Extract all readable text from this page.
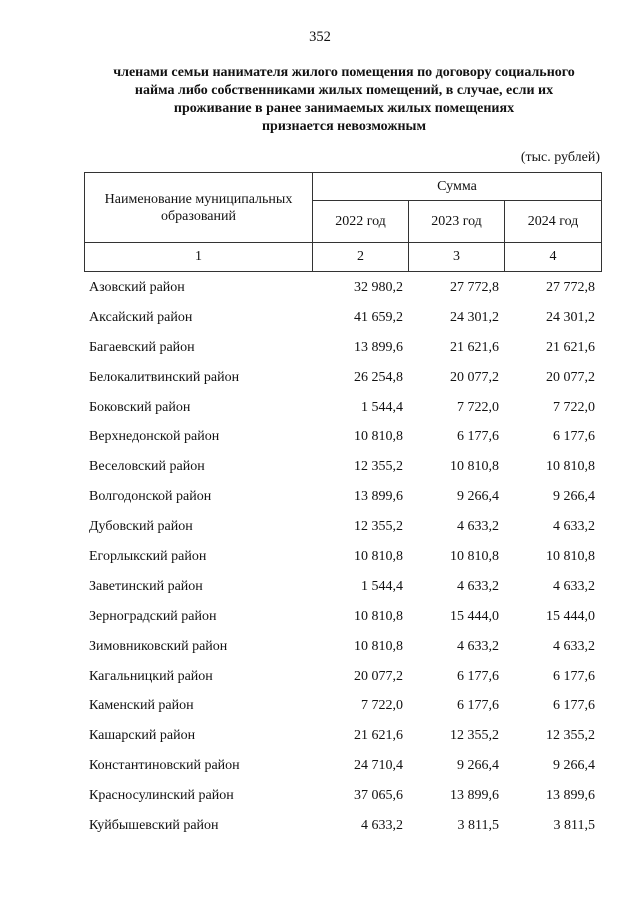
352
членами семьи нанимателя жилого помещения по договору социального
найма либо собственниками жилых помещений, в случае, если их
проживание в ранее занимаемых жилых помещениях
признается невозможным
(тыс. рублей)
Наименование муниципальных образований	Сумма		
	2022 год	2023 год	2024 год
1	2	3	4
Азовский район	32 980,2	27 772,8	27 772,8
Аксайский район	41 659,2	24 301,2	24 301,2
Багаевский район	13 899,6	21 621,6	21 621,6
Белокалитвинский район	26 254,8	20 077,2	20 077,2
Боковский район	1 544,4	7 722,0	7 722,0
Верхнедонской район	10 810,8	6 177,6	6 177,6
Веселовский район	12 355,2	10 810,8	10 810,8
Волгодонской район	13 899,6	9 266,4	9 266,4
Дубовский район	12 355,2	4 633,2	4 633,2
Егорлыкский район	10 810,8	10 810,8	10 810,8
Заветинский район	1 544,4	4 633,2	4 633,2
Зерноградский район	10 810,8	15 444,0	15 444,0
Зимовниковский район	10 810,8	4 633,2	4 633,2
Кагальницкий район	20 077,2	6 177,6	6 177,6
Каменский район	7 722,0	6 177,6	6 177,6
Кашарский район	21 621,6	12 355,2	12 355,2
Константиновский район	24 710,4	9 266,4	9 266,4
Красносулинский район	37 065,6	13 899,6	13 899,6
Куйбышевский район	4 633,2	3 811,5	3 811,5
